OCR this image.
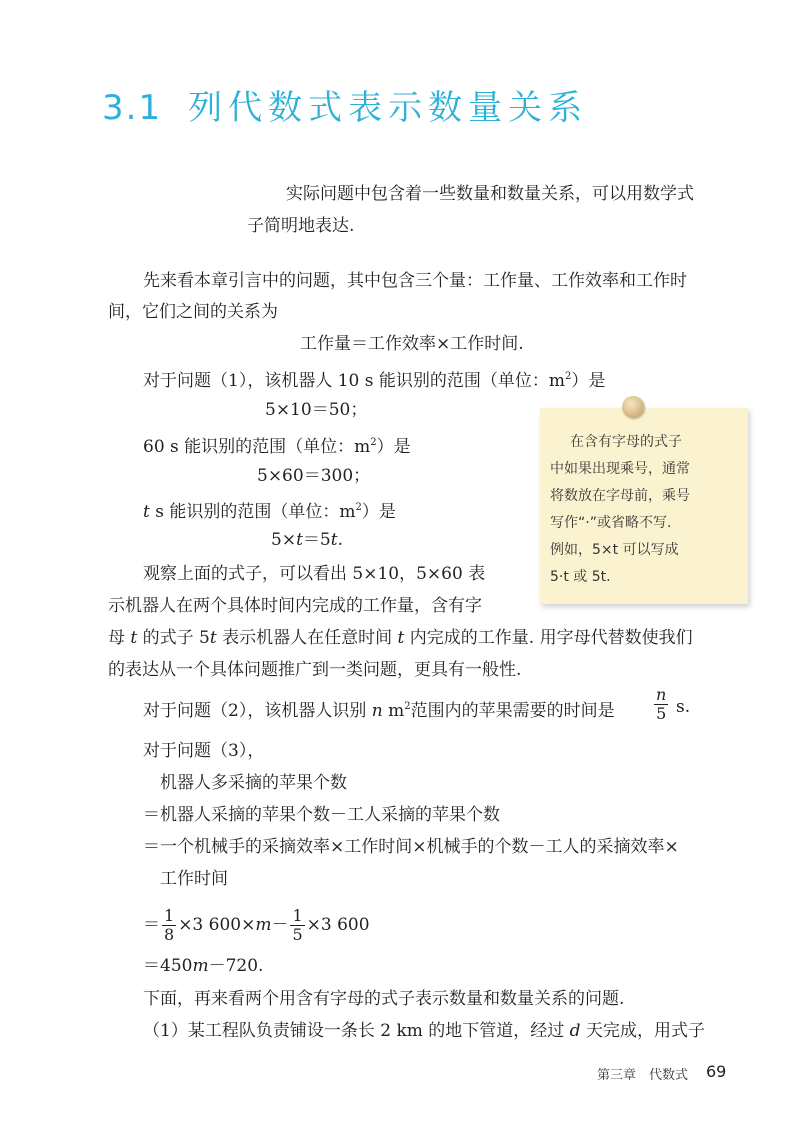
3.1 列代数式表示数量关系
实际问题中包含着一些数量和数量关系，可以用数学式
子简明地表达.
先来看本章引言中的问题，其中包含三个量：工作量、工作效率和工作时
间，它们之间的关系为
工作量＝工作效率×工作时间.
对于问题（1），该机器人 10 s 能识别的范围（单位：$m^2$）是
5×10＝50；
60 s 能识别的范围（单位：$m^2$）是
5×60＝300；
t s 能识别的范围（单位：$m^2$）是
5×t＝5t.
观察上面的式子，可以看出 5×10，5×60 表
示机器人在两个具体时间内完成的工作量，含有字
母 t 的式子 5t 表示机器人在任意时间 t 内完成的工作量. 用字母代替数使我们
的表达从一个具体问题推广到一类问题，更具有一般性.
在含有字母的式子
中如果出现乘号，通常
将数放在字母前，乘号
写作“·”或省略不写.
例如，5×t 可以写成
5·t 或 5t.
对于问题（2），该机器人识别 n $m^2$范围内的苹果需要的时间是 $\frac{n}{5} s$.
对于问题（3），
机器人多采摘的苹果个数
＝机器人采摘的苹果个数－工人采摘的苹果个数
＝一个机械手的采摘效率×工作时间×机械手的个数－工人的采摘效率×
工作时间
＝ $\frac{1}{8} \times 3$ $600\times m- \frac{1}{5} \times 3$ 600
＝450m－720.
下面，再来看两个用含有字母的式子表示数量和数量关系的问题.
（1）某工程队负责铺设一条长 2 km 的地下管道，经过 d 天完成，用式子
第三章　代数式 69
